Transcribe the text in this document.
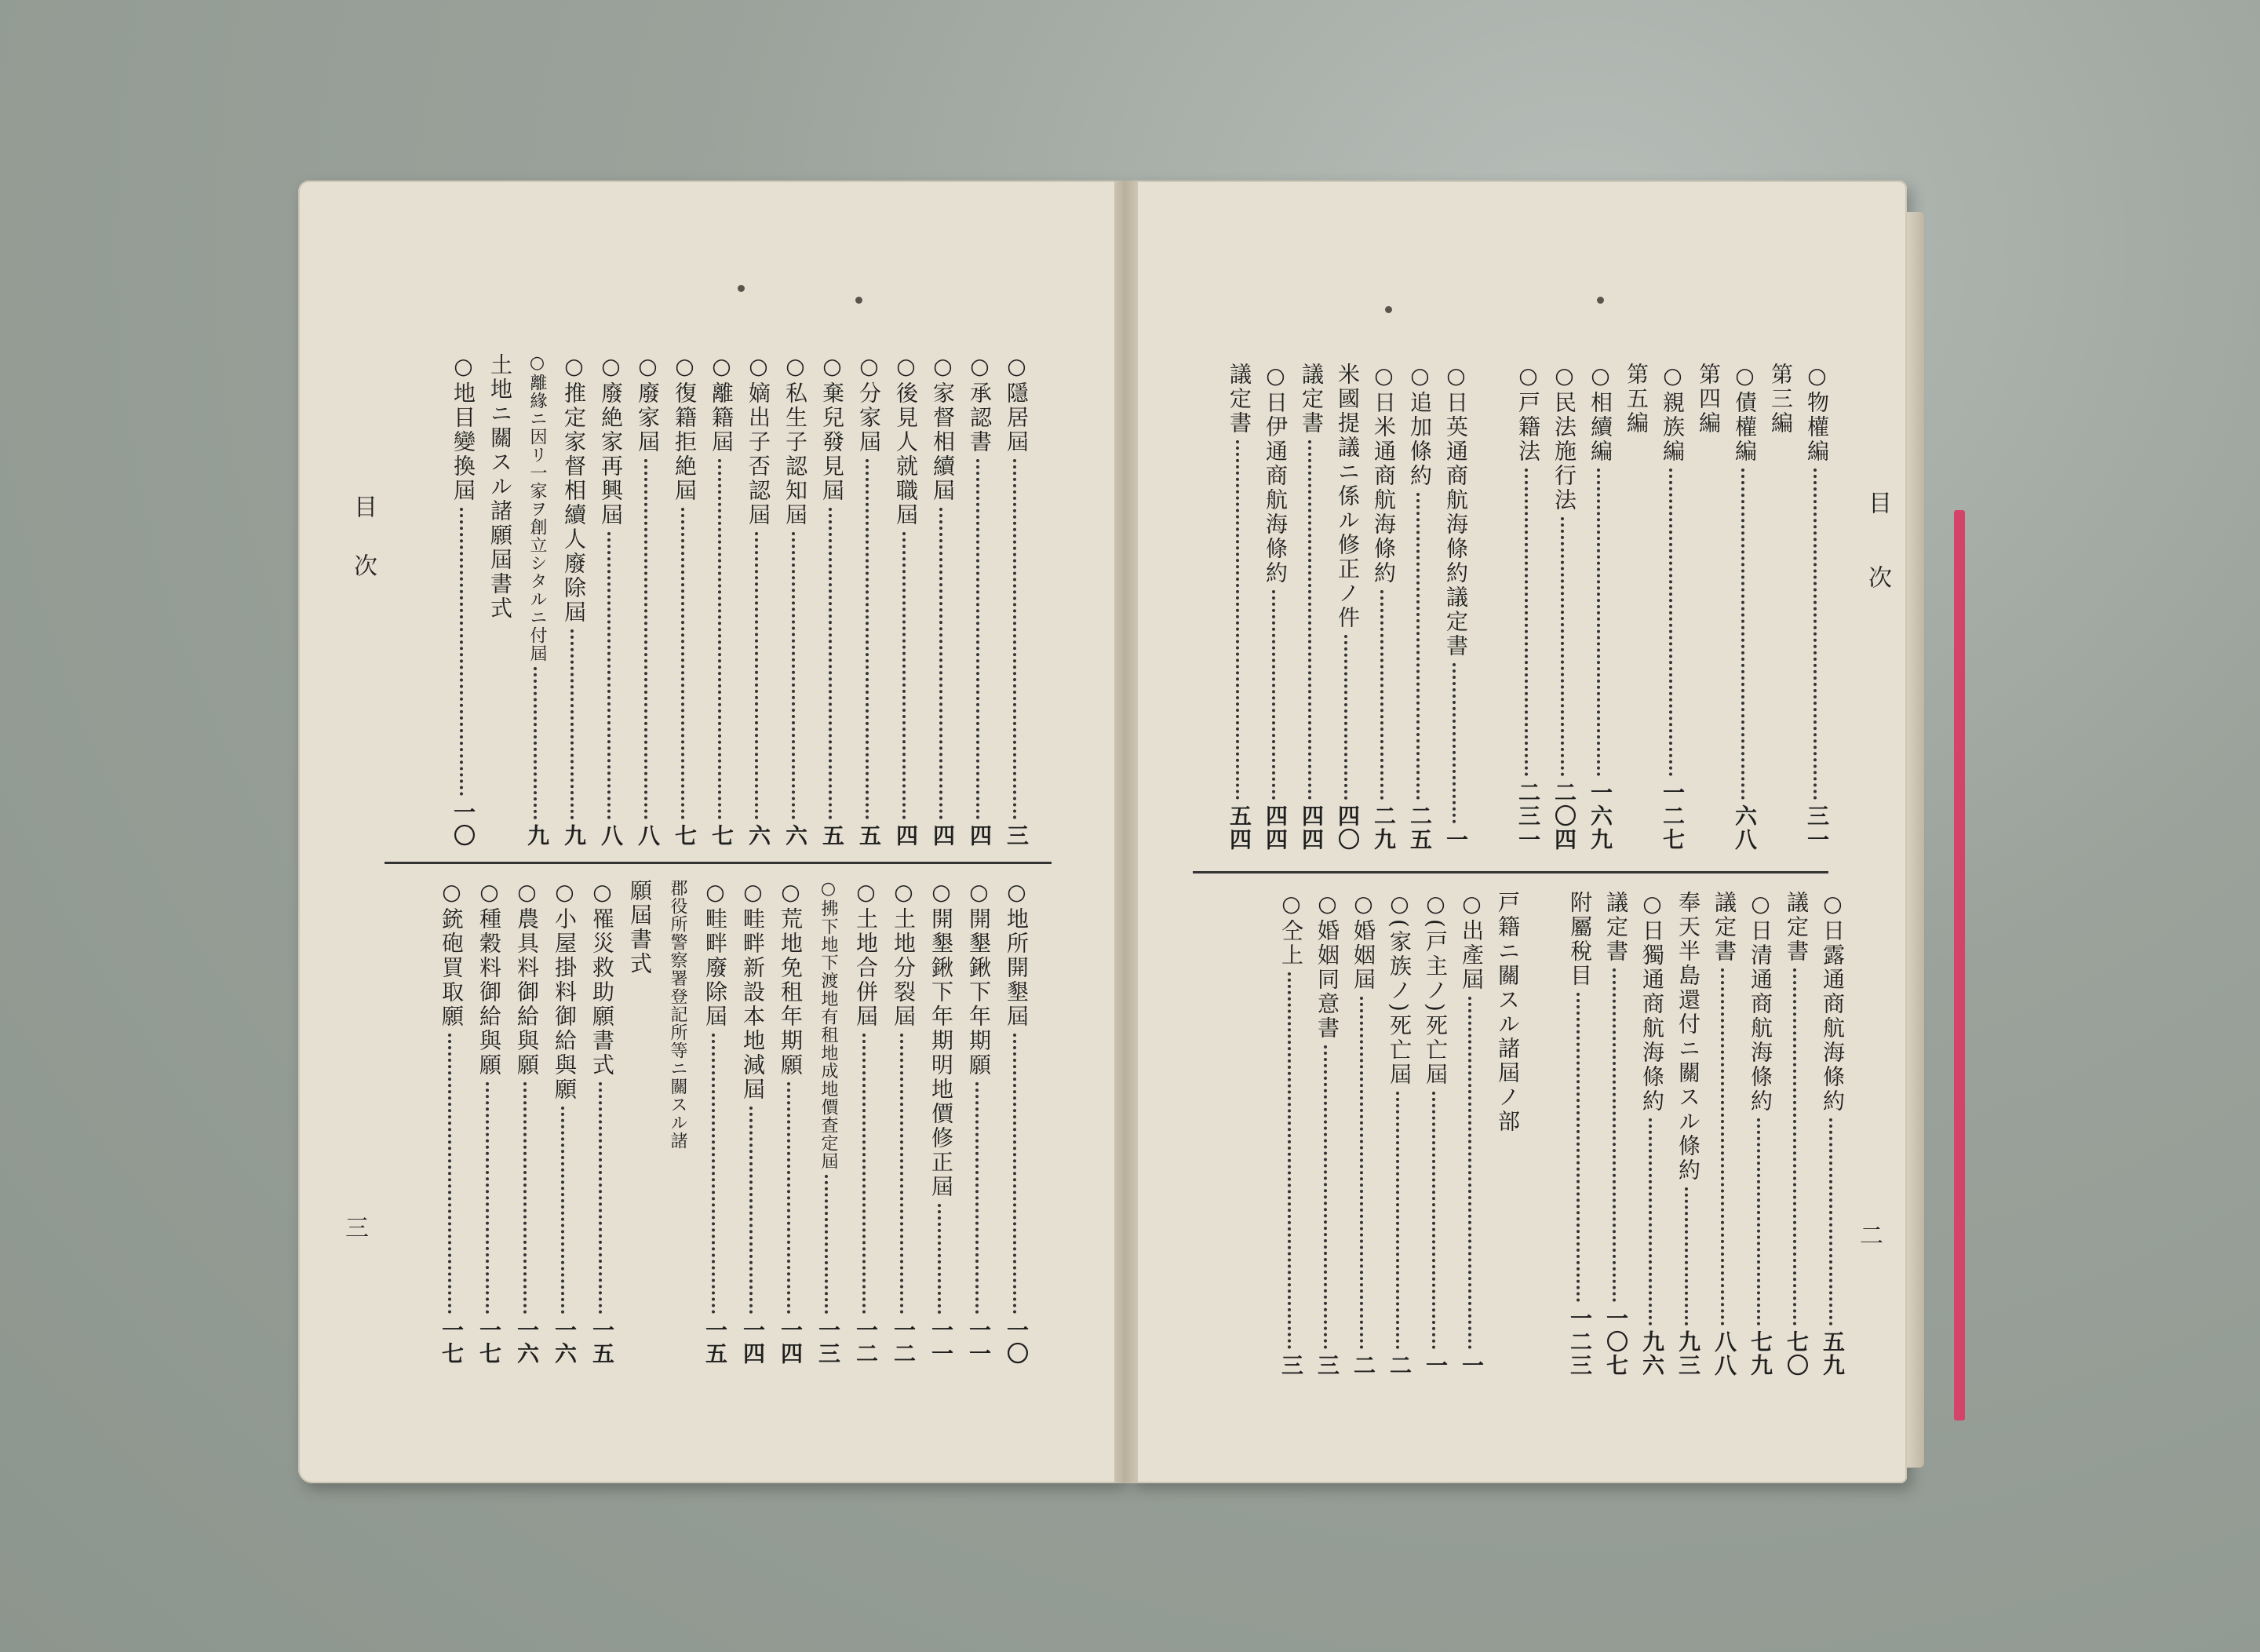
目
次
目
次
三	二
○隱居屆
三
○承認書
四
○家督相續屆
四
○後見人就職屆
四
○分家屆
五
○棄兒發見屆
五
○私生子認知屆
六
○嫡出子否認屆
六
○離籍屆
七
○復籍拒絶屆
七
○廢家屆
八
○廢絶家再興屆
八
○推定家督相續人廢除屆
九
○離緣ニ因リ一家ヲ創立シタルニ付屆
九
土地ニ關スル諸願屆書式
○地目變換屆
一〇
○地所開墾屆
一〇
○開墾鍬下年期願
一一
○開墾鍬下年期明地價修正屆
一一
○土地分裂屆
一二
○土地合併屆
一二
○拂下地下渡地有租地成地價査定屆
一三
○荒地免租年期願
一四
○畦畔新設本地減屆
一四
○畦畔廢除屆
一五
郡役所警察署登記所等ニ關スル諸
願屆書式
○罹災救助願書式
一五
○小屋掛料御給與願
一六
○農具料御給與願
一六
○種穀料御給與願
一七
○銃砲買取願
一七
○物權編
三一
第三編
○債權編
六八
第四編
○親族編
一二七
第五編
○相續編
一六九
○民法施行法
二〇四
○戸籍法
二三一
○日英通商航海條約議定書
一
○追加條約
二五
○日米通商航海條約
二九
米國提議ニ係ル修正ノ件
四〇
議定書
四四
○日伊通商航海條約
四四
議定書
五四
○日露通商航海條約
五九
議定書
七〇
○日清通商航海條約
七九
議定書
八八
奉天半島還付ニ關スル條約
九三
○日獨通商航海條約
九六
議定書
一〇七
附屬稅目
一二三
戸籍ニ關スル諸屆ノ部
○出產屆
一
○(戸主ノ)死亡屆
一
○(家族ノ)死亡屆
二
○婚姻屆
二
○婚姻同意書
三
○仝上
三
